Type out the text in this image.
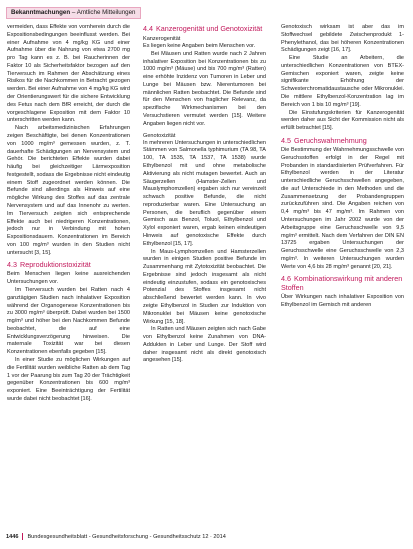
Bekanntmachungen – Amtliche Mitteilungen

vermeiden, dass Effekte von vornherein durch die Expositionsbedingungen beeinflusst werden. Bei einer Aufnahme von 4 mg/kg KG und einer Aufnahme über die Nahrung von etwa 2700 mg pro Tag kann es z. B. bei Raucherinnen der Faktor 10 als Sicherheitsfaktor bezogen auf den Tierversuch im Rahmen der Abschätzung eines Risikos für die Nachkommen in Betracht gezogen werden. Bei einer Aufnahme von 4 mg/kg KG wird der Orientierungswert für die sichere Entwicklung des Fetus nach dem BfR erreicht, der durch die vorgeschlagene Exposition mit dem Faktor 10 unterschritten werden kann.

Nach arbeitsmedizinischen Erfahrungen zeigen Beschäftigte, bei denen Konzentrationen von 1000 mg/m³ gemessen wurden, z. T. dauerhafte Schädigungen an Nervensystem und Gehör. Die berichteten Effekte wurden dabei häufig bei gleichzeitiger Lärmexposition festgestellt, sodass die Ergebnisse nicht eindeutig einem Stoff zugeordnet werden können. Die Befunde sind allerdings als Hinweis auf eine mögliche Wirkung des Stoffes auf das zentrale Nervensystem und auf das Innenohr zu werten. Im Tierversuch zeigten sich entsprechende Effekte auch bei niedrigeren Konzentrationen, jedoch nur in Verbindung mit hohen Expositionsdauern. Konzentrationen im Bereich von 100 mg/m³ wurden in den Studien nicht untersucht [3, 15].

4.3 Reproduktionstoxizität

Beim Menschen liegen keine ausreichenden Untersuchungen vor.

Im Tierversuch wurden bei Ratten nach 4 ganztägigen Studien nach inhalativer Exposition während der Organogenese Konzentrationen bis zu 3000 mg/m³ überprüft. Dabei wurden bei 1500 mg/m³ und höher bei den Nachkommen Befunde beobachtet, die auf eine Entwicklungsverzögerung hinweisen. Die maternale Toxizität war bei diesen Konzentrationen ebenfalls gegeben [15].

In einer Studie zu möglichen Wirkungen auf die Fertilität wurden weibliche Ratten ab dem Tag 1 vor der Paarung bis zum Tag 20 der Trächtigkeit gegenüber Konzentrationen bis 600 mg/m³ exponiert. Eine Beeinträchtigung der Fertilität wurde dabei nicht beobachtet [16].

4.4 Kanzerogenität und Genotoxizität
Kanzerogenität

Es liegen keine Angaben beim Menschen vor.

Bei Mäusen und Ratten wurde nach 2 Jahren inhalativer Exposition bei Konzentrationen bis zu 1000 mg/m³ (Mäuse) und bis 700 mg/m³ (Ratten) eine erhöhte Inzidenz von Tumoren in Leber und Lunge bei Mäusen bzw. Nierentumoren bei männlichen Ratten beobachtet. Die Befunde sind für den Menschen von fraglicher Relevanz, da spezifische Wirkmechanismen bei den Versuchstieren vermutet werden [15]. Weitere Angaben liegen nicht vor.

Genotoxizität

In mehreren Untersuchungen in unterschiedlichen Stämmen von Salmonella typhimurium (TA 98, TA 100, TA 1535, TA 1537, TA 1538) wurde Ethylbenzol mit und ohne metabolische Aktivierung als nicht mutagen bewertet. Auch an Säugerzellen (Hamster-Zellen und Mauslymphomzellen) ergaben sich nur vereinzelt schwach positive Befunde, die nicht reproduzierbar waren. Eine Untersuchung an Personen, die beruflich gegenüber einem Gemisch aus Benzol, Toluol, Ethylbenzol und Xylol exponiert waren, ergab keinen eindeutigen Hinweis auf genotoxische Effekte durch Ethylbenzol [15, 17].

In Maus-Lymphomzellen und Hamsterzellen wurden in einigen Studien positive Befunde im Zusammenhang mit Zytotoxizität beobachtet. Die Ergebnisse sind jedoch insgesamt als nicht eindeutig einzustufen, sodass ein genotoxisches Potenzial des Stoffes insgesamt nicht abschließend bewertet werden kann. In vivo zeigte Ethylbenzol in Studien zur Induktion von Mikronuklei bei Mäusen keine genotoxische Wirkung [15, 18].

In Ratten und Mäusen zeigten sich nach Gabe von Ethylbenzol keine Zunahmen von DNA-Addukten in Leber und Lunge. Der Stoff wird daher insgesamt nicht als direkt genotoxisch angesehen [15].

Genotoxisch wirksam ist aber das im Stoffwechsel gebildete Zwischenprodukt 1-Phenylethanol, das bei höheren Konzentrationen Schädigungen zeigt [16, 17].

Eine Studie an Arbeitern, die unterschiedlichen Konzentrationen von BTEX-Gemischen exponiert waren, zeigte keine signifikante Erhöhung der Schwesterchromatidaustausche oder Mikronuklei. Die mittlere Ethylbenzol-Konzentration lag im Bereich von 1 bis 10 mg/m³ [19].

Die Einstufungskriterien für Kanzerogenität werden daher aus Sicht der Kommission nicht als erfüllt betrachtet [15].

4.5 Geruchswahrnehmung

Die Bestimmung der Wahrnehmungsschwelle von Geruchsstoffen erfolgt in der Regel mit Probanden in standardisierten Prüfverfahren. Für Ethylbenzol werden in der Literatur unterschiedliche Geruchsschwellen angegeben, die auf Unterschiede in den Methoden und die Zusammensetzung der Probandengruppen zurückzuführen sind. Die Angaben reichen von 0,4 mg/m³ bis 47 mg/m³. Im Rahmen von Untersuchungen im Jahr 2002 wurde von der Arbeitsgruppe eine Geruchsschwelle von 9,5 mg/m³ ermittelt. Nach dem Verfahren der DIN EN 13725 ergaben Untersuchungen der Geruchsschwelle eine Geruchsschwelle von 2,3 mg/m³. In weiteren Untersuchungen wurden Werte von 4,6 bis 28 mg/m³ genannt [20, 21].

4.6 Kombinationswirkung mit anderen Stoffen

Über Wirkungen nach inhalativer Exposition von Ethylbenzol im Gemisch mit anderen

1446 Bundesgesundheitsblatt - Gesundheitsforschung - Gesundheitsschutz 12 · 2014
